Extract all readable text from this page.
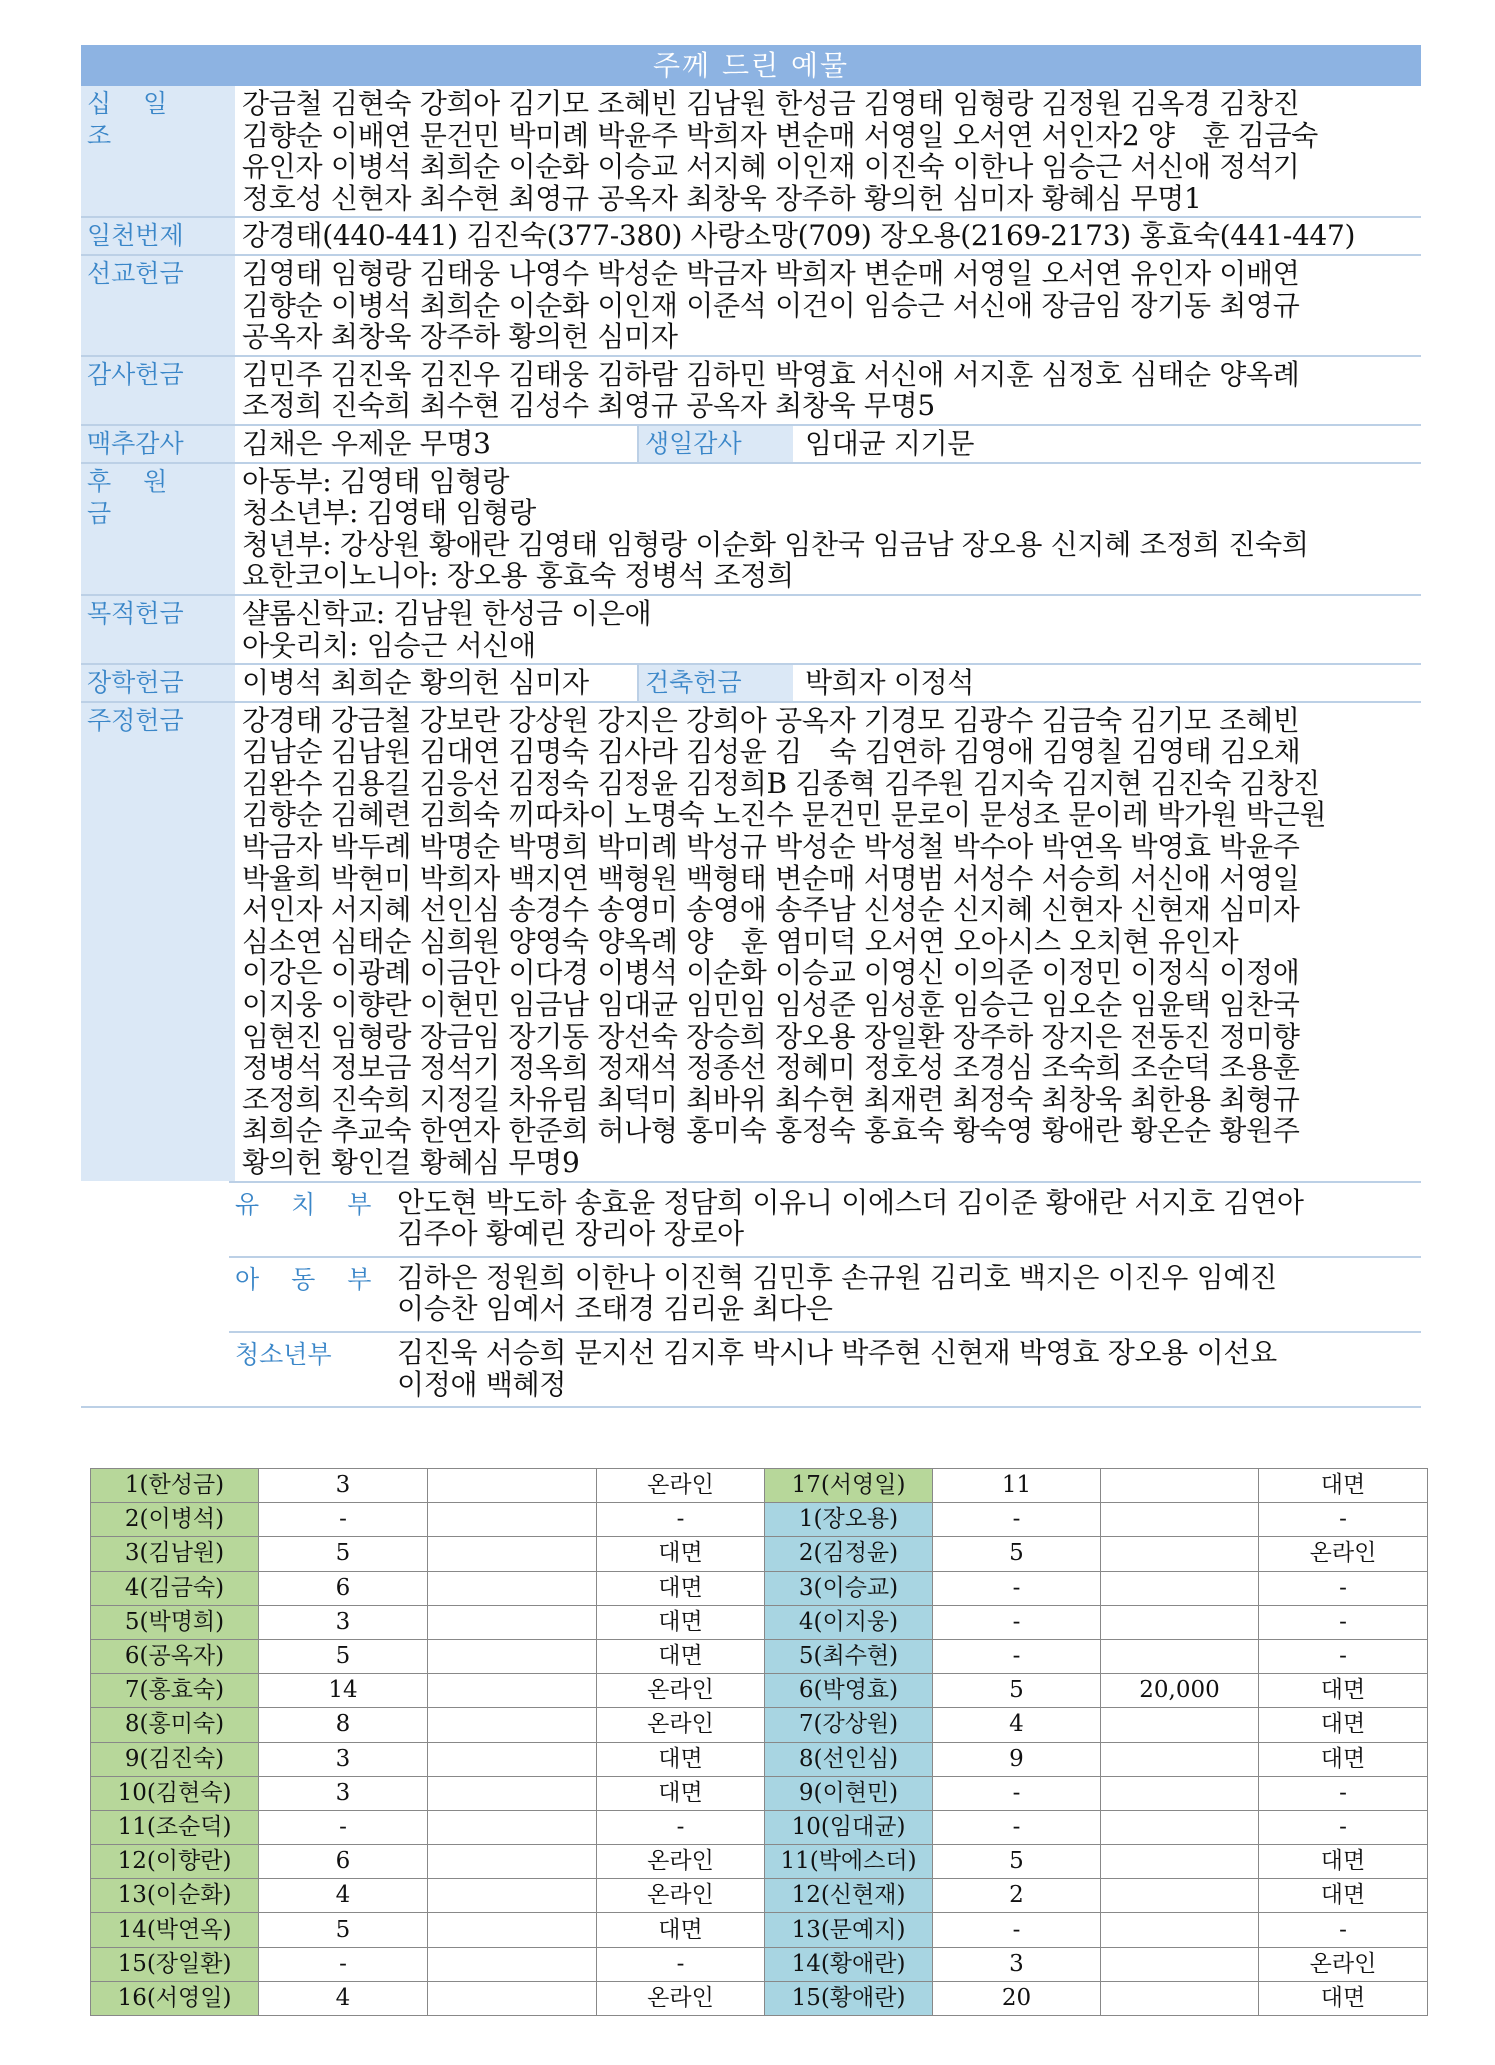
주께 드린 예물
십 일 조
강금철 김현숙 강희아 김기모 조혜빈 김남원 한성금 김영태 임형랑 김정원 김옥경 김창진
김향순 이배연 문건민 박미례 박윤주 박희자 변순매 서영일 오서연 서인자2 양　훈 김금숙
유인자 이병석 최희순 이순화 이승교 서지혜 이인재 이진숙 이한나 임승근 서신애 정석기
정호성 신현자 최수현 최영규 공옥자 최창욱 장주하 황의헌 심미자 황혜심 무명1
일천번제	강경태(440-441) 김진숙(377-380) 사랑소망(709) 장오용(2169-2173) 홍효숙(441-447)
선교헌금	김영태 임형랑 김태웅 나영수 박성순 박금자 박희자 변순매 서영일 오서연 유인자 이배연
김향순 이병석 최희순 이순화 이인재 이준석 이건이 임승근 서신애 장금임 장기동 최영규
공옥자 최창욱 장주하 황의헌 심미자
감사헌금	김민주 김진욱 김진우 김태웅 김하람 김하민 박영효 서신애 서지훈 심정호 심태순 양옥례
조정희 진숙희 최수현 김성수 최영규 공옥자 최창욱 무명5
맥추감사	김채은 우제운 무명3	생일감사	임대균 지기문
후 원 금
아동부: 김영태 임형랑
청소년부: 김영태 임형랑
청년부: 강상원 황애란 김영태 임형랑 이순화 임찬국 임금남 장오용 신지혜 조정희 진숙희
요한코이노니아: 장오용 홍효숙 정병석 조정희
목적헌금	샬롬신학교: 김남원 한성금 이은애
아웃리치: 임승근 서신애
장학헌금	이병석 최희순 황의헌 심미자	건축헌금	박희자 이정석
주정헌금	강경태 강금철 강보란 강상원 강지은 강희아 공옥자 기경모 김광수 김금숙 김기모 조혜빈
김남순 김남원 김대연 김명숙 김사라 김성윤 김　숙 김연하 김영애 김영칠 김영태 김오채
김완수 김용길 김응선 김정숙 김정윤 김정희B 김종혁 김주원 김지숙 김지현 김진숙 김창진
김향순 김혜련 김희숙 끼따차이 노명숙 노진수 문건민 문로이 문성조 문이레 박가원 박근원
박금자 박두례 박명순 박명희 박미례 박성규 박성순 박성철 박수아 박연옥 박영효 박윤주
박율희 박현미 박희자 백지연 백형원 백형태 변순매 서명범 서성수 서승희 서신애 서영일
서인자 서지혜 선인심 송경수 송영미 송영애 송주남 신성순 신지혜 신현자 신현재 심미자
심소연 심태순 심희원 양영숙 양옥례 양　훈 염미덕 오서연 오아시스 오치현 유인자
이강은 이광례 이금안 이다경 이병석 이순화 이승교 이영신 이의준 이정민 이정식 이정애
이지웅 이향란 이현민 임금남 임대균 임민임 임성준 임성훈 임승근 임오순 임윤택 임찬국
임현진 임형랑 장금임 장기동 장선숙 장승희 장오용 장일환 장주하 장지은 전동진 정미향
정병석 정보금 정석기 정옥희 정재석 정종선 정혜미 정호성 조경심 조숙희 조순덕 조용훈
조정희 진숙희 지정길 차유림 최덕미 최바위 최수현 최재련 최정숙 최창욱 최한용 최형규
최희순 추교숙 한연자 한준희 허나형 홍미숙 홍정숙 홍효숙 황숙영 황애란 황온순 황원주
황의헌 황인걸 황혜심 무명9
유 치 부 안도현 박도하 송효윤 정담희 이유니 이에스더 김이준 황애란 서지호 김연아
김주아 황예린 장리아 장로아
아 동 부 김하은 정원희 이한나 이진혁 김민후 손규원 김리호 백지은 이진우 임예진
이승찬 임예서 조태경 김리윤 최다은
청소년부	김진욱 서승희 문지선 김지후 박시나 박주현 신현재 박영효 장오용 이선요
이정애 백혜정
1(한성금)	3		온라인	17(서영일)	11		대면
2(이병석)	-		-	1(장오용)	-		-
3(김남원)	5		대면	2(김정윤)	5		온라인
4(김금숙)	6		대면	3(이승교)	-		-
5(박명희)	3		대면	4(이지웅)	-		-
6(공옥자)	5		대면	5(최수현)	-		-
7(홍효숙)	14		온라인	6(박영효)	5	20,000	대면
8(홍미숙)	8		온라인	7(강상원)	4		대면
9(김진숙)	3		대면	8(선인심)	9		대면
10(김현숙)	3		대면	9(이현민)	-		-
11(조순덕)	-		-	10(임대균)	-		-
12(이향란)	6		온라인	11(박에스더)	5		대면
13(이순화)	4		온라인	12(신현재)	2		대면
14(박연옥)	5		대면	13(문예지)	-		-
15(장일환)	-		-	14(황애란)	3		온라인
16(서영일)	4		온라인	15(황애란)	20		대면
